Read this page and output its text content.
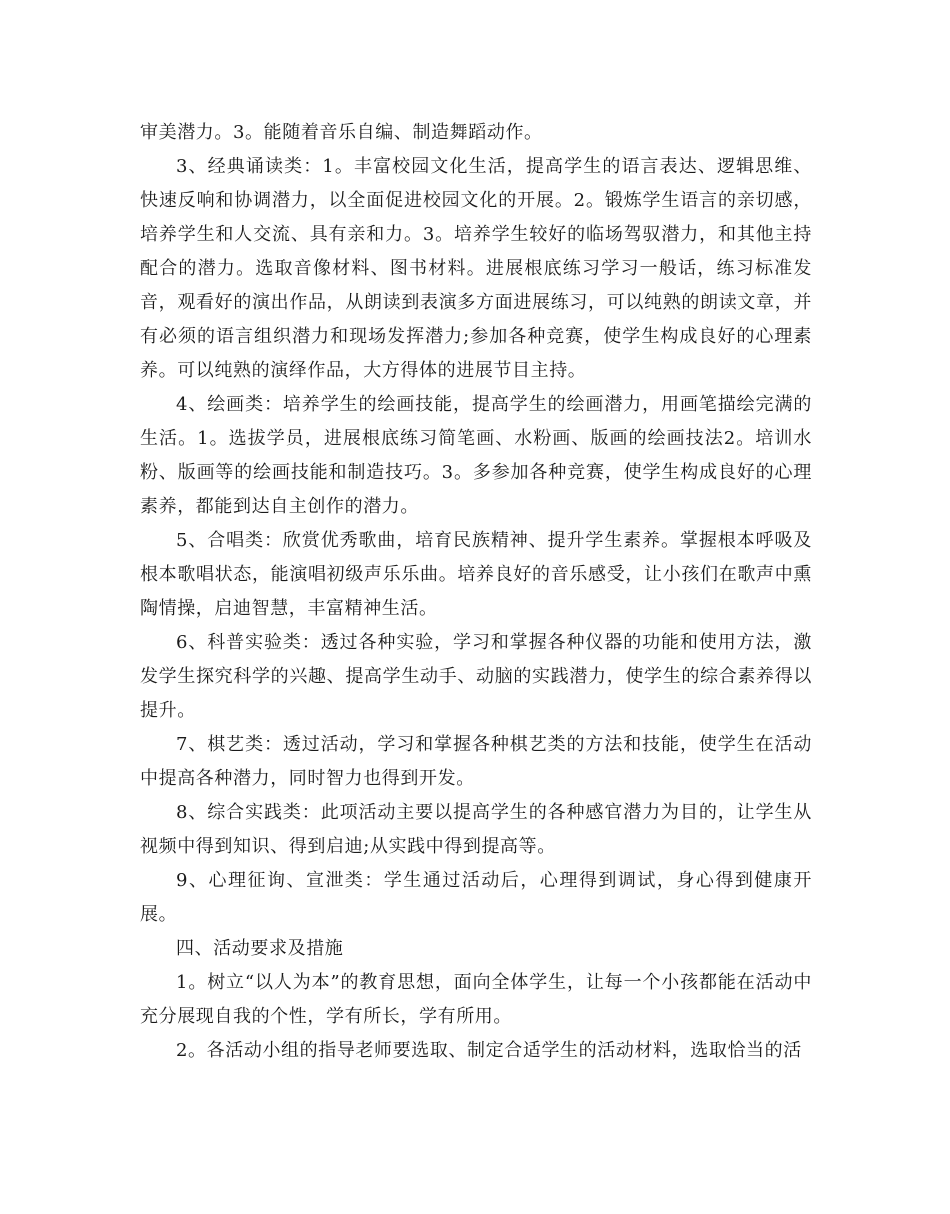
审美潜力。3。能随着音乐自编、制造舞蹈动作。

3、经典诵读类：1。丰富校园文化生活，提高学生的语言表达、逻辑思维、快速反响和协调潜力，以全面促进校园文化的开展。2。锻炼学生语言的亲切感，培养学生和人交流、具有亲和力。3。培养学生较好的临场驾驭潜力，和其他主持配合的潜力。选取音像材料、图书材料。进展根底练习学习一般话，练习标准发音，观看好的演出作品，从朗读到表演多方面进展练习，可以纯熟的朗读文章，并有必须的语言组织潜力和现场发挥潜力;参加各种竞赛，使学生构成良好的心理素养。可以纯熟的演绎作品，大方得体的进展节目主持。

4、绘画类：培养学生的绘画技能，提高学生的绘画潜力，用画笔描绘完满的生活。1。选拔学员，进展根底练习简笔画、水粉画、版画的绘画技法2。培训水粉、版画等的绘画技能和制造技巧。3。多参加各种竞赛，使学生构成良好的心理素养，都能到达自主创作的潜力。

5、合唱类：欣赏优秀歌曲，培育民族精神、提升学生素养。掌握根本呼吸及根本歌唱状态，能演唱初级声乐乐曲。培养良好的音乐感受，让小孩们在歌声中熏陶情操，启迪智慧，丰富精神生活。

6、科普实验类：透过各种实验，学习和掌握各种仪器的功能和使用方法，激发学生探究科学的兴趣、提高学生动手、动脑的实践潜力，使学生的综合素养得以提升。

7、棋艺类：透过活动，学习和掌握各种棋艺类的方法和技能，使学生在活动中提高各种潜力，同时智力也得到开发。

8、综合实践类：此项活动主要以提高学生的各种感官潜力为目的，让学生从视频中得到知识、得到启迪;从实践中得到提高等。

9、心理征询、宣泄类：学生通过活动后，心理得到调试，身心得到健康开展。

四、活动要求及措施

1。树立“以人为本”的教育思想，面向全体学生，让每一个小孩都能在活动中充分展现自我的个性，学有所长，学有所用。

2。各活动小组的指导老师要选取、制定合适学生的活动材料，选取恰当的活
